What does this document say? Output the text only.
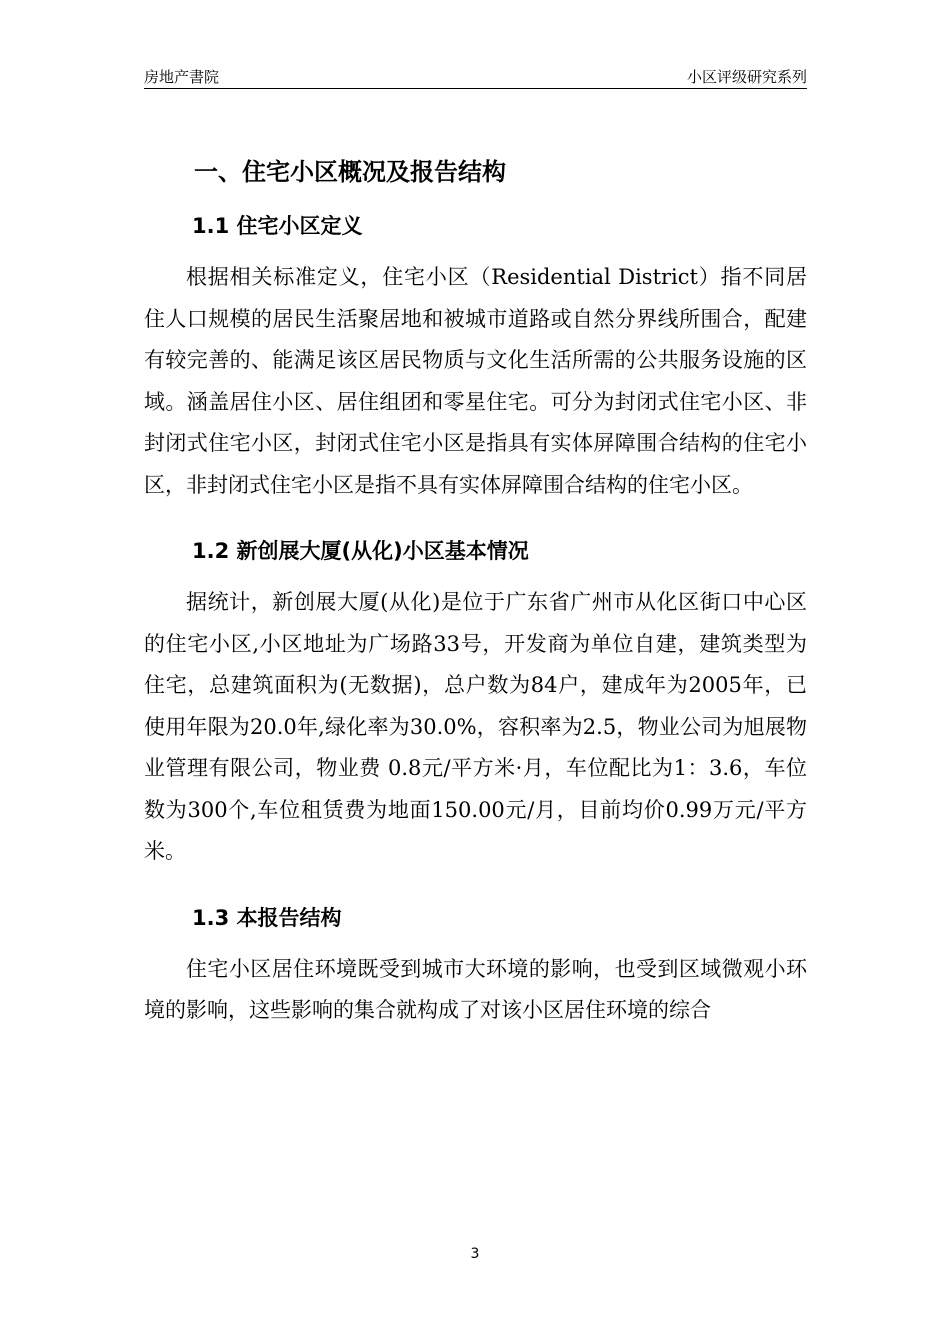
房地产書院	小区评级研究系列
一、住宅小区概况及报告结构
1.1 住宅小区定义

根据相关标准定义，住宅小区（Residential District）指不同居住人口规模的居民生活聚居地和被城市道路或自然分界线所围合，配建有较完善的、能满足该区居民物质与文化生活所需的公共服务设施的区域。涵盖居住小区、居住组团和零星住宅。可分为封闭式住宅小区、非封闭式住宅小区，封闭式住宅小区是指具有实体屏障围合结构的住宅小区，非封闭式住宅小区是指不具有实体屏障围合结构的住宅小区。

1.2 新创展大厦(从化)小区基本情况

据统计，新创展大厦(从化)是位于广东省广州市从化区街口中心区的住宅小区,小区地址为广场路33号，开发商为单位自建，建筑类型为住宅，总建筑面积为(无数据)，总户数为84户，建成年为2005年，已使用年限为20.0年,绿化率为30.0%，容积率为2.5，物业公司为旭展物业管理有限公司，物业费 0.8元/平方米·月，车位配比为1：3.6，车位数为300个,车位租赁费为地面150.00元/月，目前均价0.99万元/平方米。

1.3 本报告结构

住宅小区居住环境既受到城市大环境的影响，也受到区域微观小环境的影响，这些影响的集合就构成了对该小区居住环境的综合

3
